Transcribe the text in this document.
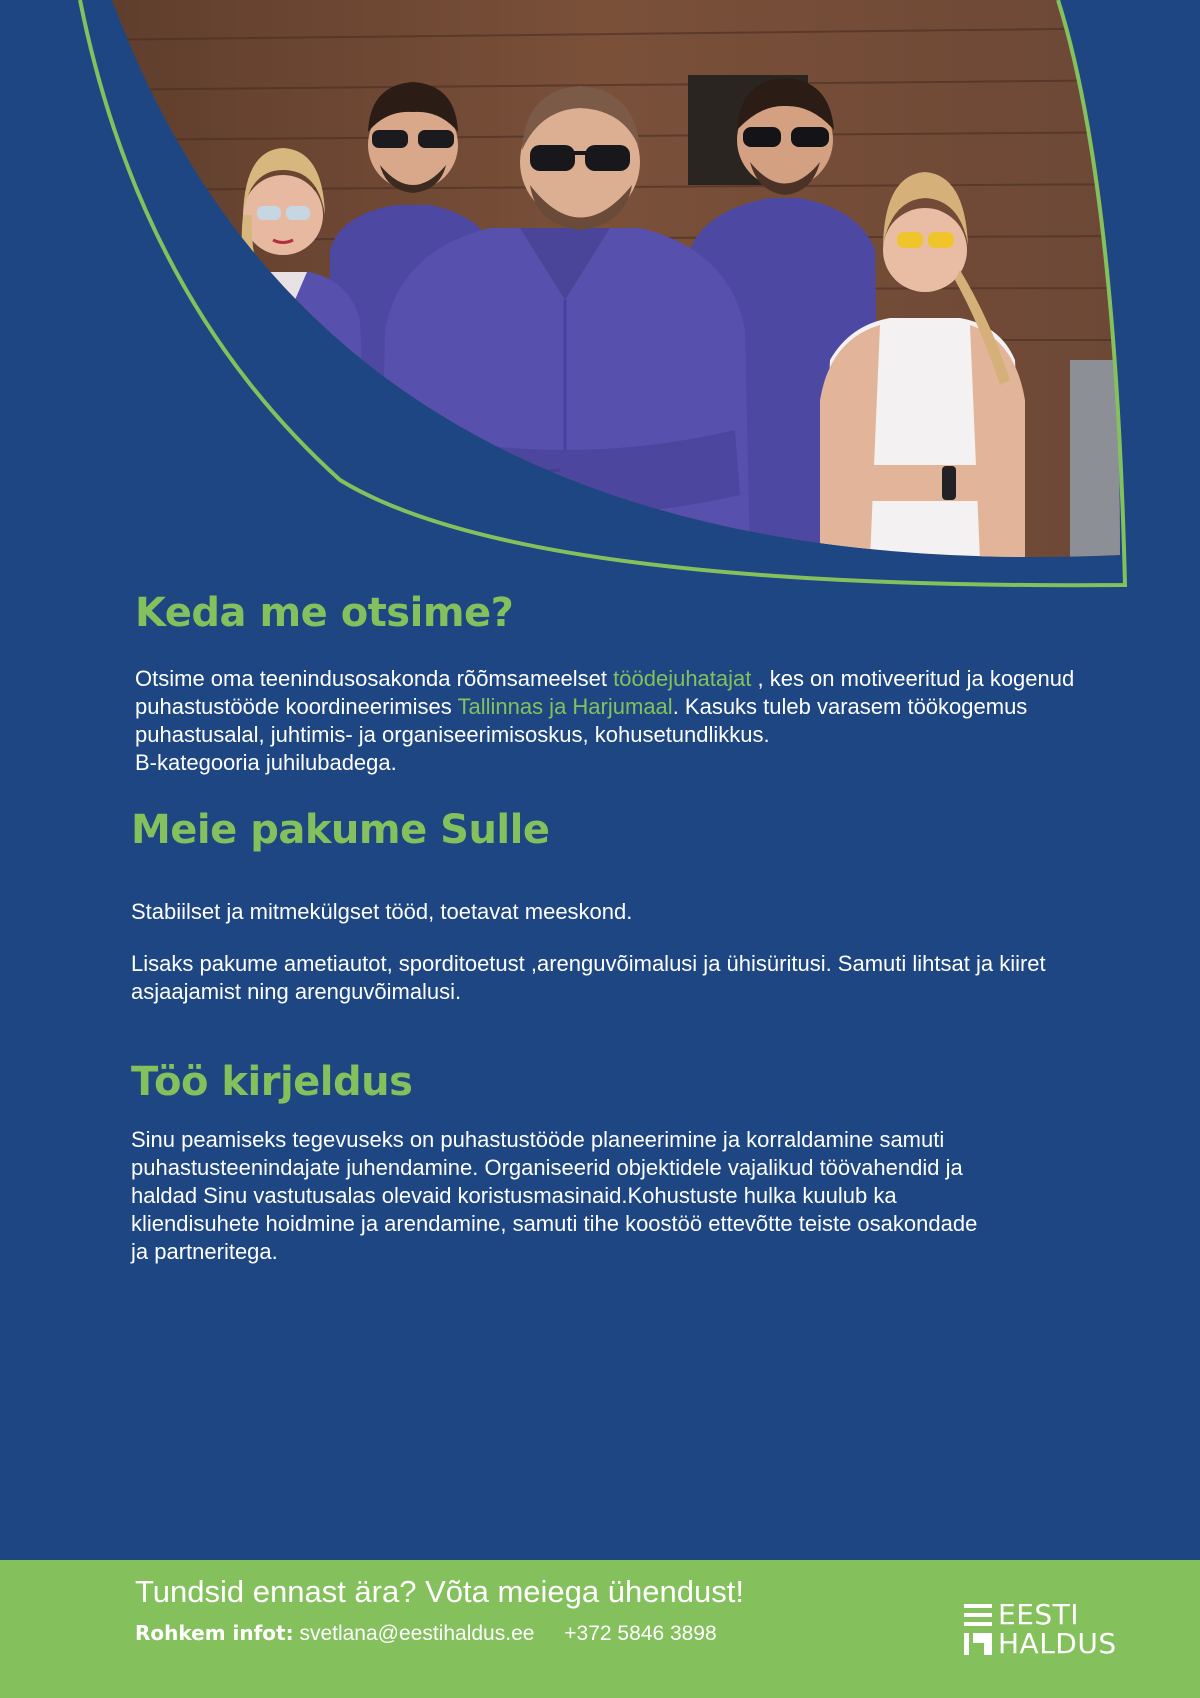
Keda me otsime?

Otsime oma teenindusosakonda rõõmsameelset töödejuhatajat , kes on motiveeritud ja kogenud puhastustööde koordineerimises Tallinnas ja Harjumaal. Kasuks tuleb varasem töökogemus puhastusalal, juhtimis- ja organiseerimisoskus, kohusetundlikkus.
B-kategooria juhilubadega.

Meie pakume Sulle

Stabiilset ja mitmekülgset tööd, toetavat meeskond.

Lisaks pakume ametiautot, sporditoetust ,arenguvõimalusi ja ühisüritusi. Samuti lihtsat ja kiiret asjaajamist ning arenguvõimalusi.

Töö kirjeldus

Sinu peamiseks tegevuseks on puhastustööde planeerimine ja korraldamine samuti puhastusteenindajate juhendamine. Organiseerid objektidele vajalikud töövahendid ja haldad Sinu vastutusalas olevaid koristusmasinaid.Kohustuste hulka kuulub ka kliendisuhete hoidmine ja arendamine, samuti tihe koostöö ettevõtte teiste osakondade ja partneritega.

Tundsid ennast ära? Võta meiega ühendust!
Rohkem infot: svetlana@eestihaldus.ee +372 5846 3898
EESTI
HALDUS
